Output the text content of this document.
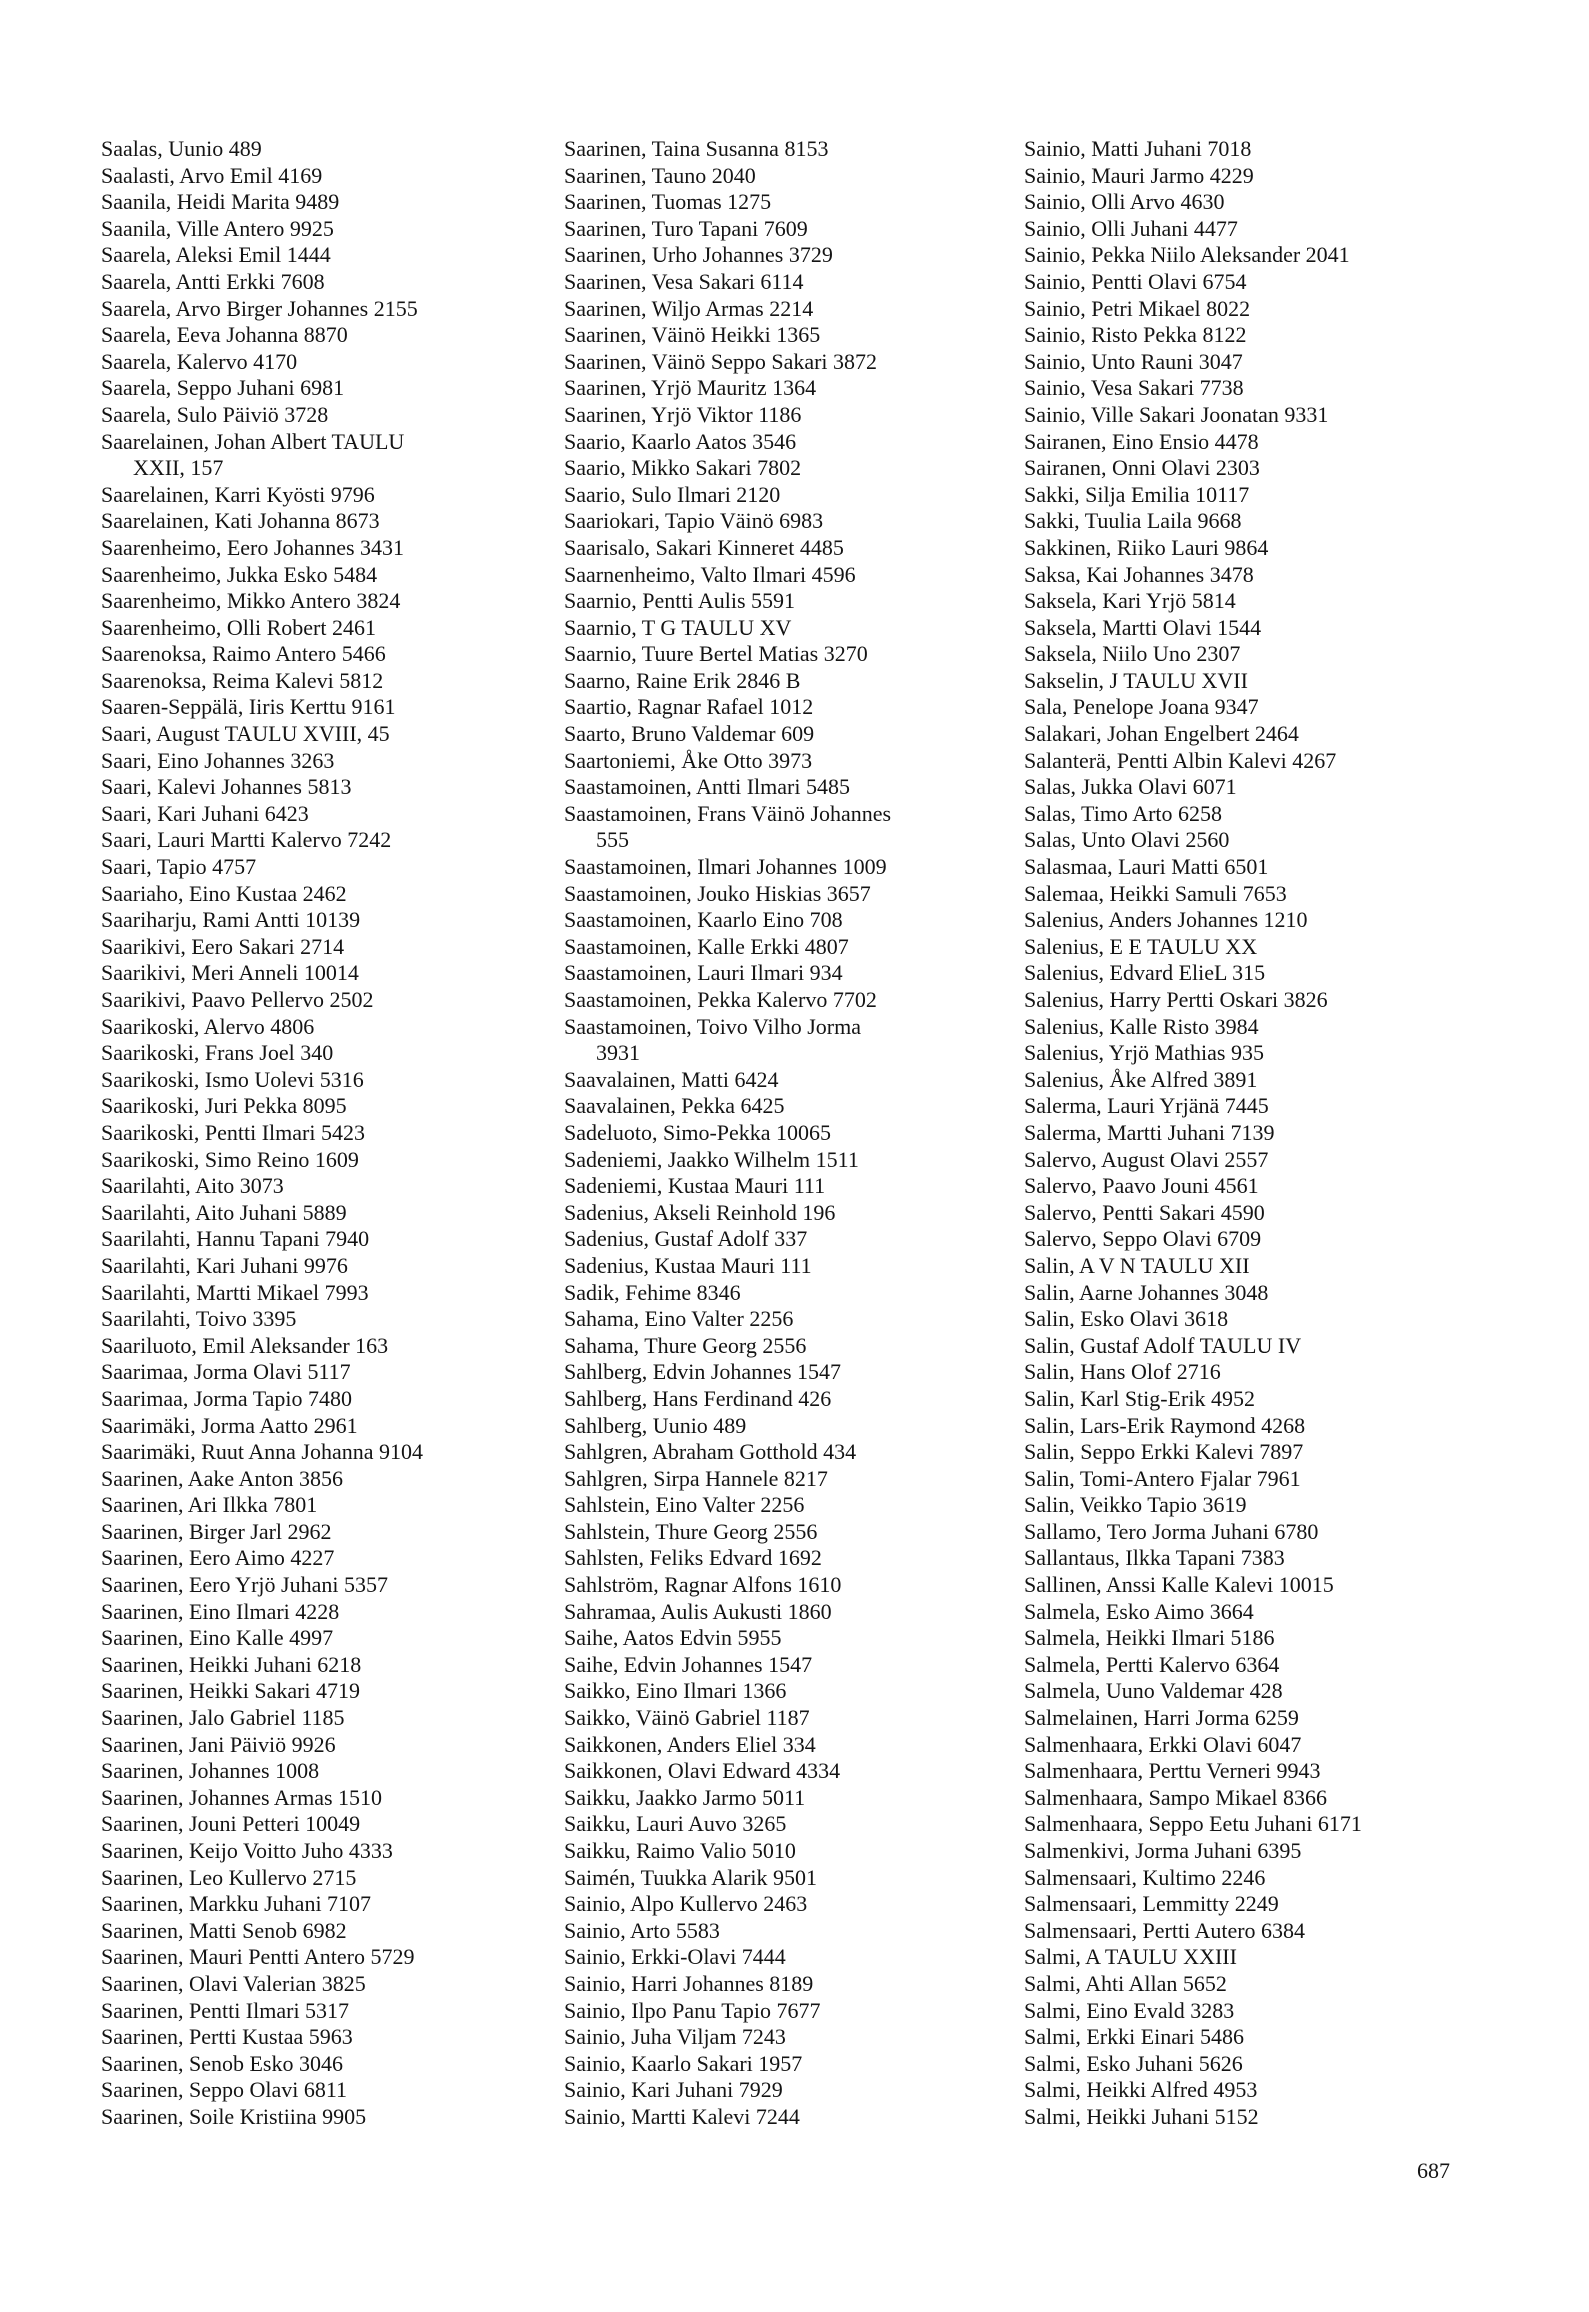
Saalas, Uunio 489
Saalasti, Arvo Emil 4169
Saanila, Heidi Marita 9489
Saanila, Ville Antero 9925
Saarela, Aleksi Emil 1444
Saarela, Antti Erkki 7608
Saarela, Arvo Birger Johannes 2155
Saarela, Eeva Johanna 8870
Saarela, Kalervo 4170
Saarela, Seppo Juhani 6981
Saarela, Sulo Päiviö 3728
Saarelainen, Johan Albert TAULU
XXII, 157
Saarelainen, Karri Kyösti 9796
Saarelainen, Kati Johanna 8673
Saarenheimo, Eero Johannes 3431
Saarenheimo, Jukka Esko 5484
Saarenheimo, Mikko Antero 3824
Saarenheimo, Olli Robert 2461
Saarenoksa, Raimo Antero 5466
Saarenoksa, Reima Kalevi 5812
Saaren-Seppälä, Iiris Kerttu 9161
Saari, August TAULU XVIII, 45
Saari, Eino Johannes 3263
Saari, Kalevi Johannes 5813
Saari, Kari Juhani 6423
Saari, Lauri Martti Kalervo 7242
Saari, Tapio 4757
Saariaho, Eino Kustaa 2462
Saariharju, Rami Antti 10139
Saarikivi, Eero Sakari 2714
Saarikivi, Meri Anneli 10014
Saarikivi, Paavo Pellervo 2502
Saarikoski, Alervo 4806
Saarikoski, Frans Joel 340
Saarikoski, Ismo Uolevi 5316
Saarikoski, Juri Pekka 8095
Saarikoski, Pentti Ilmari 5423
Saarikoski, Simo Reino 1609
Saarilahti, Aito 3073
Saarilahti, Aito Juhani 5889
Saarilahti, Hannu Tapani 7940
Saarilahti, Kari Juhani 9976
Saarilahti, Martti Mikael 7993
Saarilahti, Toivo 3395
Saariluoto, Emil Aleksander 163
Saarimaa, Jorma Olavi 5117
Saarimaa, Jorma Tapio 7480
Saarimäki, Jorma Aatto 2961
Saarimäki, Ruut Anna Johanna 9104
Saarinen, Aake Anton 3856
Saarinen, Ari Ilkka 7801
Saarinen, Birger Jarl 2962
Saarinen, Eero Aimo 4227
Saarinen, Eero Yrjö Juhani 5357
Saarinen, Eino Ilmari 4228
Saarinen, Eino Kalle 4997
Saarinen, Heikki Juhani 6218
Saarinen, Heikki Sakari 4719
Saarinen, Jalo Gabriel 1185
Saarinen, Jani Päiviö 9926
Saarinen, Johannes 1008
Saarinen, Johannes Armas 1510
Saarinen, Jouni Petteri 10049
Saarinen, Keijo Voitto Juho 4333
Saarinen, Leo Kullervo 2715
Saarinen, Markku Juhani 7107
Saarinen, Matti Senob 6982
Saarinen, Mauri Pentti Antero 5729
Saarinen, Olavi Valerian 3825
Saarinen, Pentti Ilmari 5317
Saarinen, Pertti Kustaa 5963
Saarinen, Senob Esko 3046
Saarinen, Seppo Olavi 6811
Saarinen, Soile Kristiina 9905
Saarinen, Taina Susanna 8153
Saarinen, Tauno 2040
Saarinen, Tuomas 1275
Saarinen, Turo Tapani 7609
Saarinen, Urho Johannes 3729
Saarinen, Vesa Sakari 6114
Saarinen, Wiljo Armas 2214
Saarinen, Väinö Heikki 1365
Saarinen, Väinö Seppo Sakari 3872
Saarinen, Yrjö Mauritz 1364
Saarinen, Yrjö Viktor 1186
Saario, Kaarlo Aatos 3546
Saario, Mikko Sakari 7802
Saario, Sulo Ilmari 2120
Saariokari, Tapio Väinö 6983
Saarisalo, Sakari Kinneret 4485
Saarnenheimo, Valto Ilmari 4596
Saarnio, Pentti Aulis 5591
Saarnio, T G TAULU XV
Saarnio, Tuure Bertel Matias 3270
Saarno, Raine Erik 2846 B
Saartio, Ragnar Rafael 1012
Saarto, Bruno Valdemar 609
Saartoniemi, Åke Otto 3973
Saastamoinen, Antti Ilmari 5485
Saastamoinen, Frans Väinö Johannes
555
Saastamoinen, Ilmari Johannes 1009
Saastamoinen, Jouko Hiskias 3657
Saastamoinen, Kaarlo Eino 708
Saastamoinen, Kalle Erkki 4807
Saastamoinen, Lauri Ilmari 934
Saastamoinen, Pekka Kalervo 7702
Saastamoinen, Toivo Vilho Jorma
3931
Saavalainen, Matti 6424
Saavalainen, Pekka 6425
Sadeluoto, Simo-Pekka 10065
Sadeniemi, Jaakko Wilhelm 1511
Sadeniemi, Kustaa Mauri 111
Sadenius, Akseli Reinhold 196
Sadenius, Gustaf Adolf 337
Sadenius, Kustaa Mauri 111
Sadik, Fehime 8346
Sahama, Eino Valter 2256
Sahama, Thure Georg 2556
Sahlberg, Edvin Johannes 1547
Sahlberg, Hans Ferdinand 426
Sahlberg, Uunio 489
Sahlgren, Abraham Gotthold 434
Sahlgren, Sirpa Hannele 8217
Sahlstein, Eino Valter 2256
Sahlstein, Thure Georg 2556
Sahlsten, Feliks Edvard 1692
Sahlström, Ragnar Alfons 1610
Sahramaa, Aulis Aukusti 1860
Saihe, Aatos Edvin 5955
Saihe, Edvin Johannes 1547
Saikko, Eino Ilmari 1366
Saikko, Väinö Gabriel 1187
Saikkonen, Anders Eliel 334
Saikkonen, Olavi Edward 4334
Saikku, Jaakko Jarmo 5011
Saikku, Lauri Auvo 3265
Saikku, Raimo Valio 5010
Saimén, Tuukka Alarik 9501
Sainio, Alpo Kullervo 2463
Sainio, Arto 5583
Sainio, Erkki-Olavi 7444
Sainio, Harri Johannes 8189
Sainio, Ilpo Panu Tapio 7677
Sainio, Juha Viljam 7243
Sainio, Kaarlo Sakari 1957
Sainio, Kari Juhani 7929
Sainio, Martti Kalevi 7244
Sainio, Matti Juhani 7018
Sainio, Mauri Jarmo 4229
Sainio, Olli Arvo 4630
Sainio, Olli Juhani 4477
Sainio, Pekka Niilo Aleksander 2041
Sainio, Pentti Olavi 6754
Sainio, Petri Mikael 8022
Sainio, Risto Pekka 8122
Sainio, Unto Rauni 3047
Sainio, Vesa Sakari 7738
Sainio, Ville Sakari Joonatan 9331
Sairanen, Eino Ensio 4478
Sairanen, Onni Olavi 2303
Sakki, Silja Emilia 10117
Sakki, Tuulia Laila 9668
Sakkinen, Riiko Lauri 9864
Saksa, Kai Johannes 3478
Saksela, Kari Yrjö 5814
Saksela, Martti Olavi 1544
Saksela, Niilo Uno 2307
Sakselin, J TAULU XVII
Sala, Penelope Joana 9347
Salakari, Johan Engelbert 2464
Salanterä, Pentti Albin Kalevi 4267
Salas, Jukka Olavi 6071
Salas, Timo Arto 6258
Salas, Unto Olavi 2560
Salasmaa, Lauri Matti 6501
Salemaa, Heikki Samuli 7653
Salenius, Anders Johannes 1210
Salenius, E E TAULU XX
Salenius, Edvard ElieL 315
Salenius, Harry Pertti Oskari 3826
Salenius, Kalle Risto 3984
Salenius, Yrjö Mathias 935
Salenius, Åke Alfred 3891
Salerma, Lauri Yrjänä 7445
Salerma, Martti Juhani 7139
Salervo, August Olavi 2557
Salervo, Paavo Jouni 4561
Salervo, Pentti Sakari 4590
Salervo, Seppo Olavi 6709
Salin, A V N TAULU XII
Salin, Aarne Johannes 3048
Salin, Esko Olavi 3618
Salin, Gustaf Adolf TAULU IV
Salin, Hans Olof 2716
Salin, Karl Stig-Erik 4952
Salin, Lars-Erik Raymond 4268
Salin, Seppo Erkki Kalevi 7897
Salin, Tomi-Antero Fjalar 7961
Salin, Veikko Tapio 3619
Sallamo, Tero Jorma Juhani 6780
Sallantaus, Ilkka Tapani 7383
Sallinen, Anssi Kalle Kalevi 10015
Salmela, Esko Aimo 3664
Salmela, Heikki Ilmari 5186
Salmela, Pertti Kalervo 6364
Salmela, Uuno Valdemar 428
Salmelainen, Harri Jorma 6259
Salmenhaara, Erkki Olavi 6047
Salmenhaara, Perttu Verneri 9943
Salmenhaara, Sampo Mikael 8366
Salmenhaara, Seppo Eetu Juhani 6171
Salmenkivi, Jorma Juhani 6395
Salmensaari, Kultimo 2246
Salmensaari, Lemmitty 2249
Salmensaari, Pertti Autero 6384
Salmi, A TAULU XXIII
Salmi, Ahti Allan 5652
Salmi, Eino Evald 3283
Salmi, Erkki Einari 5486
Salmi, Esko Juhani 5626
Salmi, Heikki Alfred 4953
Salmi, Heikki Juhani 5152
687
